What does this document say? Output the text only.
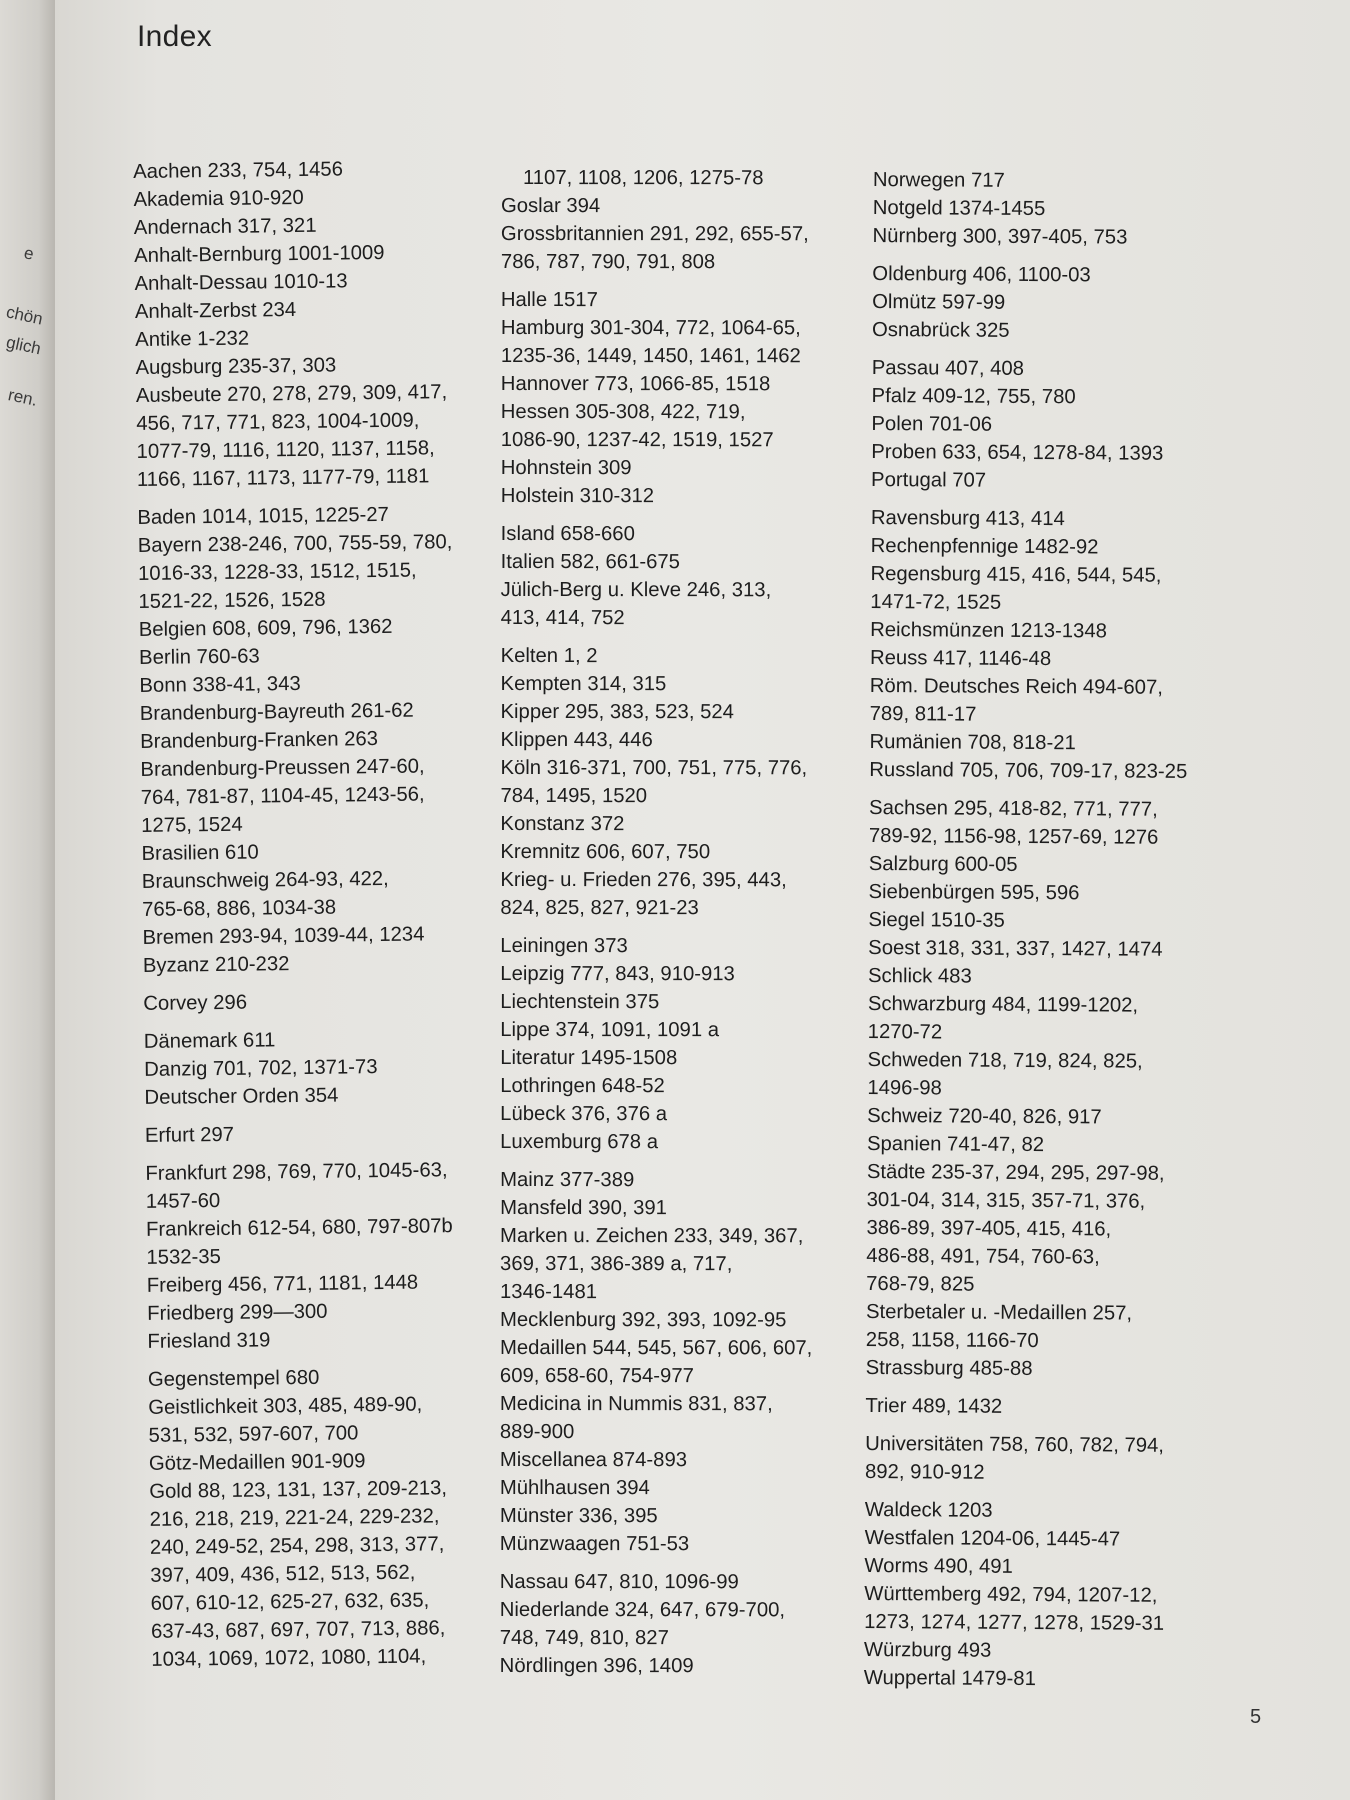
e
chön
glich
ren.
Index

Aachen 233, 754, 1456

Akademia 910-920

Andernach 317, 321

Anhalt-Bernburg 1001-1009

Anhalt-Dessau 1010-13

Anhalt-Zerbst 234

Antike 1-232

Augsburg 235-37, 303

Ausbeute 270, 278, 279, 309, 417,
456, 717, 771, 823, 1004-1009,
1077-79, 1116, 1120, 1137, 1158,
1166, 1167, 1173, 1177-79, 1181

Baden 1014, 1015, 1225-27

Bayern 238-246, 700, 755-59, 780,
1016-33, 1228-33, 1512, 1515,
1521-22, 1526, 1528

Belgien 608, 609, 796, 1362

Berlin 760-63

Bonn 338-41, 343

Brandenburg-Bayreuth 261-62

Brandenburg-Franken 263

Brandenburg-Preussen 247-60,
764, 781-87, 1104-45, 1243-56,
1275, 1524

Brasilien 610

Braunschweig 264-93, 422,
765-68, 886, 1034-38

Bremen 293-94, 1039-44, 1234

Byzanz 210-232

Corvey 296

Dänemark 611

Danzig 701, 702, 1371-73

Deutscher Orden 354

Erfurt 297

Frankfurt 298, 769, 770, 1045-63,
1457-60

Frankreich 612-54, 680, 797-807b
1532-35

Freiberg 456, 771, 1181, 1448

Friedberg 299—300

Friesland 319

Gegenstempel 680

Geistlichkeit 303, 485, 489-90,
531, 532, 597-607, 700

Götz-Medaillen 901-909

Gold 88, 123, 131, 137, 209-213,
216, 218, 219, 221-24, 229-232,
240, 249-52, 254, 298, 313, 377,
397, 409, 436, 512, 513, 562,
607, 610-12, 625-27, 632, 635,
637-43, 687, 697, 707, 713, 886,
1034, 1069, 1072, 1080, 1104,

1107, 1108, 1206, 1275-78

Goslar 394

Grossbritannien 291, 292, 655-57,
786, 787, 790, 791, 808

Halle 1517

Hamburg 301-304, 772, 1064-65,
1235-36, 1449, 1450, 1461, 1462

Hannover 773, 1066-85, 1518

Hessen 305-308, 422, 719,
1086-90, 1237-42, 1519, 1527

Hohnstein 309

Holstein 310-312

Island 658-660

Italien 582, 661-675

Jülich-Berg u. Kleve 246, 313,
413, 414, 752

Kelten 1, 2

Kempten 314, 315

Kipper 295, 383, 523, 524

Klippen 443, 446

Köln 316-371, 700, 751, 775, 776,
784, 1495, 1520

Konstanz 372

Kremnitz 606, 607, 750

Krieg- u. Frieden 276, 395, 443,
824, 825, 827, 921-23

Leiningen 373

Leipzig 777, 843, 910-913

Liechtenstein 375

Lippe 374, 1091, 1091 a

Literatur 1495-1508

Lothringen 648-52

Lübeck 376, 376 a

Luxemburg 678 a

Mainz 377-389

Mansfeld 390, 391

Marken u. Zeichen 233, 349, 367,
369, 371, 386-389 a, 717,
1346-1481

Mecklenburg 392, 393, 1092-95

Medaillen 544, 545, 567, 606, 607,
609, 658-60, 754-977

Medicina in Nummis 831, 837,
889-900

Miscellanea 874-893

Mühlhausen 394

Münster 336, 395

Münzwaagen 751-53

Nassau 647, 810, 1096-99

Niederlande 324, 647, 679-700,
748, 749, 810, 827

Nördlingen 396, 1409

Norwegen 717

Notgeld 1374-1455

Nürnberg 300, 397-405, 753

Oldenburg 406, 1100-03

Olmütz 597-99

Osnabrück 325

Passau 407, 408

Pfalz 409-12, 755, 780

Polen 701-06

Proben 633, 654, 1278-84, 1393

Portugal 707

Ravensburg 413, 414

Rechenpfennige 1482-92

Regensburg 415, 416, 544, 545,
1471-72, 1525

Reichsmünzen 1213-1348

Reuss 417, 1146-48

Röm. Deutsches Reich 494-607,
789, 811-17

Rumänien 708, 818-21

Russland 705, 706, 709-17, 823-25

Sachsen 295, 418-82, 771, 777,
789-92, 1156-98, 1257-69, 1276

Salzburg 600-05

Siebenbürgen 595, 596

Siegel 1510-35

Soest 318, 331, 337, 1427, 1474

Schlick 483

Schwarzburg 484, 1199-1202,
1270-72

Schweden 718, 719, 824, 825,
1496-98

Schweiz 720-40, 826, 917

Spanien 741-47, 82

Städte 235-37, 294, 295, 297-98,
301-04, 314, 315, 357-71, 376,
386-89, 397-405, 415, 416,
486-88, 491, 754, 760-63,
768-79, 825

Sterbetaler u. -Medaillen 257,
258, 1158, 1166-70

Strassburg 485-88

Trier 489, 1432

Universitäten 758, 760, 782, 794,
892, 910-912

Waldeck 1203

Westfalen 1204-06, 1445-47

Worms 490, 491

Württemberg 492, 794, 1207-12,
1273, 1274, 1277, 1278, 1529-31

Würzburg 493

Wuppertal 1479-81

5
